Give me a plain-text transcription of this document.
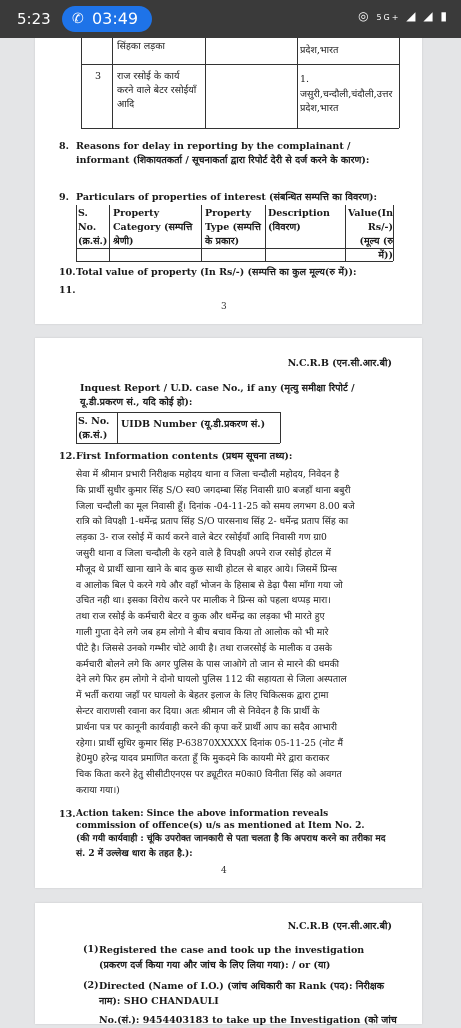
5:23 ✆ 03:49	◎ 5G+ ◢ ◢ ▮
प्रदेश,भारत
सिंहका लड़का
3 राज रसोई के कार्य करने वाले बेटर रसोईयाँ आदि
1.
जसुरी,चन्दौली,चंदौली,उत्तर प्रदेश,भारत
8. Reasons for delay in reporting by the complainant / informant (शिकायतकर्ता / सूचनाकर्ता द्वारा रिपोर्ट देरी से दर्ज करने के कारण):
9. Particulars of properties of interest (संबन्धित सम्पत्ति का विवरण):
S. No. (क्र.सं.)
Property Category (सम्पत्ति श्रेणी)
Property Type (सम्पत्ति के प्रकार)
Description (विवरण)
Value(In Rs/-) (मूल्य (रु में))
10. Total value of property (In Rs/-) (सम्पत्ति का कुल मूल्य(रु में)):
11.
3
N.C.R.B (एन.सी.आर.बी)
Inquest Report / U.D. case No., if any (मृत्यु समीक्षा रिपोर्ट / यू.डी.प्रकरण सं., यदि कोई हो):
S. No. (क्र.सं.)
UIDB Number (यू.डी.प्रकरण सं.)
12. First Information contents (प्रथम सूचना तथ्य):
सेवा में श्रीमान प्रभारी निरीक्षक महोदय थाना व जिला चन्दौली महोदय, निवेदन है
कि प्रार्थी सुधीर कुमार सिंह S/O स्व0 जगदम्बा सिंह निवासी ग्रा0 बजहाँ थाना बबुरी
जिला चन्दौली का मूल निवासी हूँ। दिनांक -04-11-25 को समय लगभग 8.00 बजे
रात्रि को विपक्षी 1-धर्मेन्द्र प्रताप सिंह S/O पारसनाथ सिंह 2- धर्मेन्द्र प्रताप सिंह का
लड़का 3- राज रसोई में कार्य करने वाले बेटर रसोईयाँ आदि निवासी गण ग्रा0
जसुरी थाना व जिला चन्दौली के रहने वाले है विपक्षी अपने राज रसोई होटल में
मौजूद थे प्रार्थी खाना खाने के बाद कुछ साथी होटल से बाहर आये। जिसमें प्रिन्स
व आलोक बिल पे करने गये और वहाँ भोजन के हिसाब से डेढ़ा पैसा माँगा गया जो
उचित नही था। इसका विरोध करने पर मालीक ने प्रिन्स को पहला थप्पड़ मारा।
तथा राज रसोई के कर्मचारी बेटर व कुक और धर्मेन्द्र का लड़का भी मारते हुए
गाली गुप्ता देने लगे जब हम लोगो ने बीच बचाव किया तो आलोक को भी मारे
पीटे है। जिससे उनको गम्भीर चोटे आयी है। तथा राजरसोई के मालीक व उसके
कर्मचारी बोलने लगे कि अगर पुलिस के पास जाओगे तो जान से मारने की धमकी
देने लगे फिर हम लोगो ने दोनो घायलो पुलिस 112 की सहायता से जिला अस्पताल
में भर्ती कराया जहाँ पर घायलो के बेहतर इलाज के लिए चिकित्सक द्वारा ट्रामा
सेन्टर वाराणसी रवाना कर दिया। अतः श्रीमान जी से निवेदन है कि प्रार्थी के
प्रार्थना पत्र पर कानूनी कार्यवाही करने की कृपा करें प्रार्थी आप का सदैव आभारी
रहेगा। प्रार्थी सुधिर कुमार सिंह P-63870XXXXX दिनांक 05-11-25 (नोट मैं
हे0मु0 हरेन्द्र यादव प्रमाणित करता हूँ कि मुकदमे कि कायमी मेरे द्वारा कराकर
चिक किता करने हेतु सीसीटीएनएस पर ड्यूटीरत म0का0 विनीता सिंह को अवगत
कराया गया।)
13. Action taken: Since the above information reveals commission of offence(s) u/s as mentioned at Item No. 2.
(की गयी कार्यवाही : चूंकि उपरोक्त जानकारी से पता चलता है कि अपराध करने का तरीका मद सं. 2 में उल्लेख धारा के तहत है.):
4
N.C.R.B (एन.सी.आर.बी)
(1) Registered the case and took up the investigation (प्रकरण दर्ज किया गया और जांच के लिए लिया गया): / or (या)
(2) Directed (Name of I.O.) (जांच अधिकारी का Rank (पद): निरीक्षक नाम): SHO CHANDAULI
No.(सं.): 9454403183 to take up the Investigation (को जांच
